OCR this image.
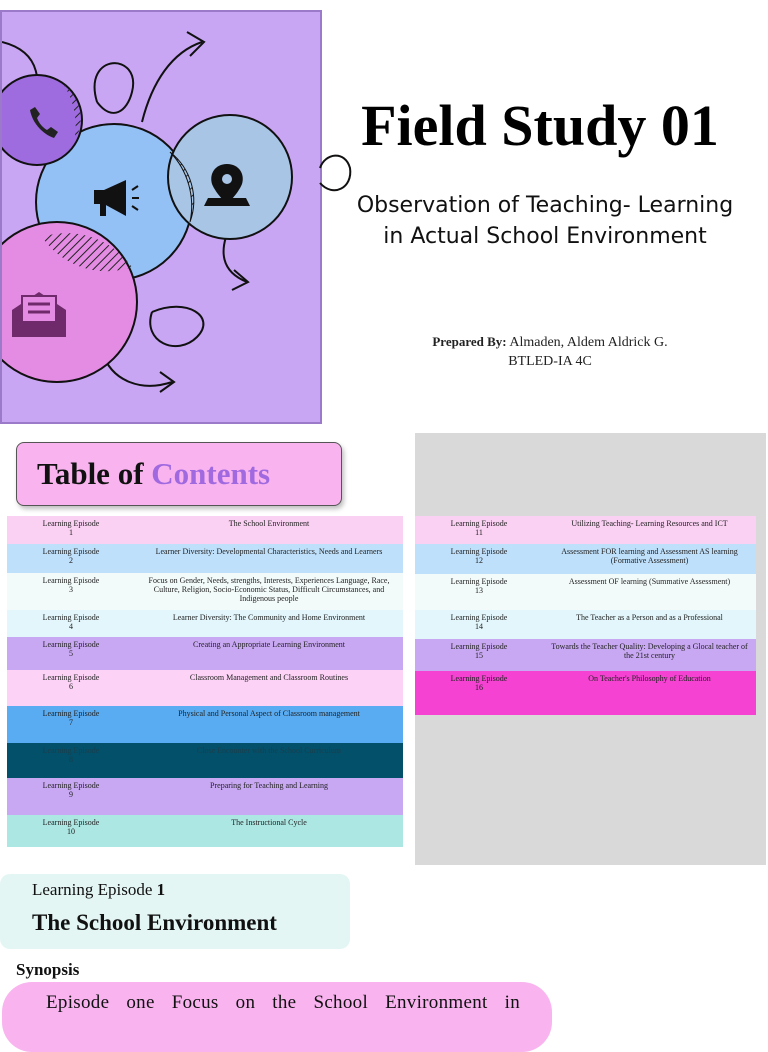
Field Study 01
Observation of Teaching- Learning
in Actual School Environment
Prepared By: Almaden, Aldem Aldrick G.
BTLED-IA 4C
Table of Contents
Learning Episode
1
The School Environment
Learning Episode
2
Learner Diversity: Developmental Characteristics, Needs and Learners
Learning Episode
3
Focus on Gender, Needs, strengths, Interests, Experiences Language, Race, Culture, Religion, Socio-Economic Status, Difficult Circumstances, and Indigenous people
Learning Episode
4
Learner Diversity: The Community and Home Environment
Learning Episode
5
Creating an Appropriate Learning Environment
Learning Episode
6
Classroom Management and Classroom Routines
Learning Episode
7
Physical and Personal Aspect of Classroom management
Learning Episode
8
Close Encounter with the School Curriculum
Learning Episode
9
Preparing for Teaching and Learning
Learning Episode
10
The Instructional Cycle
Learning Episode
11
Utilizing Teaching- Learning Resources and ICT
Learning Episode
12
Assessment FOR learning and Assessment AS learning (Formative Assessment)
Learning Episode
13
Assessment OF learning (Summative Assessment)
Learning Episode
14
The Teacher as a Person and as a Professional
Learning Episode
15
Towards the Teacher Quality: Developing a Glocal teacher of the 21st century
Learning Episode
16
On Teacher's Philosophy of Education
Learning Episode 1
The School Environment
Synopsis
Episode one Focus on the School Environment in
